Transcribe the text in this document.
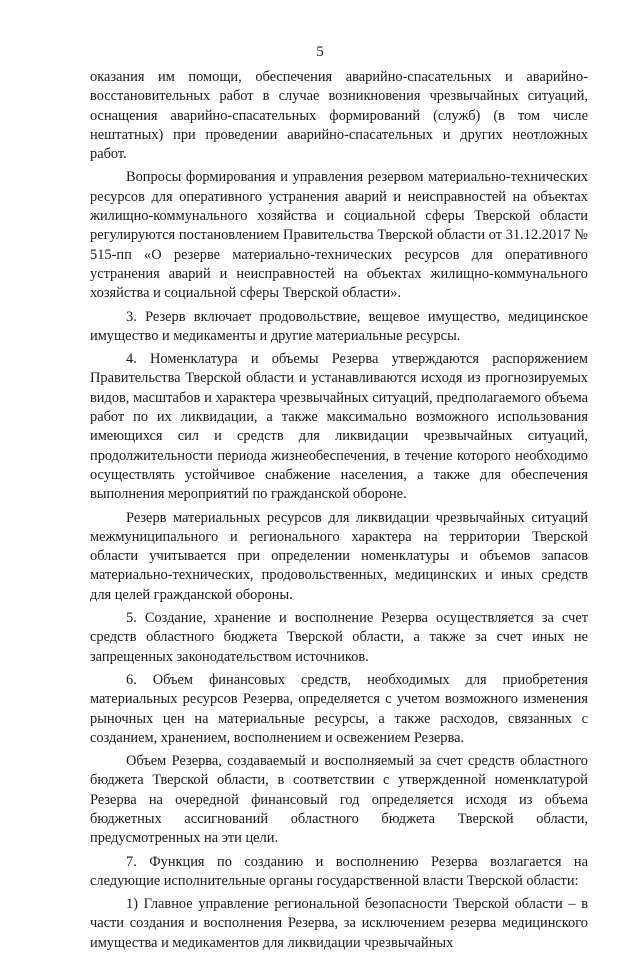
5

оказания им помощи, обеспечения аварийно-спасательных и аварийно-восстановительных работ в случае возникновения чрезвычайных ситуаций, оснащения аварийно-спасательных формирований (служб) (в том числе нештатных) при проведении аварийно-спасательных и других неотложных работ.

Вопросы формирования и управления резервом материально-технических ресурсов для оперативного устранения аварий и неисправностей на объектах жилищно-коммунального хозяйства и социальной сферы Тверской области регулируются постановлением Правительства Тверской области от 31.12.2017 № 515-пп «О резерве материально-технических ресурсов для оперативного устранения аварий и неисправностей на объектах жилищно-коммунального хозяйства и социальной сферы Тверской области».

3. Резерв включает продовольствие, вещевое имущество, медицинское имущество и медикаменты и другие материальные ресурсы.

4. Номенклатура и объемы Резерва утверждаются распоряжением Правительства Тверской области и устанавливаются исходя из прогнозируемых видов, масштабов и характера чрезвычайных ситуаций, предполагаемого объема работ по их ликвидации, а также максимально возможного использования имеющихся сил и средств для ликвидации чрезвычайных ситуаций, продолжительности периода жизнеобеспечения, в течение которого необходимо осуществлять устойчивое снабжение населения, а также для обеспечения выполнения мероприятий по гражданской обороне.

Резерв материальных ресурсов для ликвидации чрезвычайных ситуаций межмуниципального и регионального характера на территории Тверской области учитывается при определении номенклатуры и объемов запасов материально-технических, продовольственных, медицинских и иных средств для целей гражданской обороны.

5. Создание, хранение и восполнение Резерва осуществляется за счет средств областного бюджета Тверской области, а также за счет иных не запрещенных законодательством источников.

6. Объем финансовых средств, необходимых для приобретения материальных ресурсов Резерва, определяется с учетом возможного изменения рыночных цен на материальные ресурсы, а также расходов, связанных с созданием, хранением, восполнением и освежением Резерва.

Объем Резерва, создаваемый и восполняемый за счет средств областного бюджета Тверской области, в соответствии с утвержденной номенклатурой Резерва на очередной финансовый год определяется исходя из объема бюджетных ассигнований областного бюджета Тверской области, предусмотренных на эти цели.

7. Функция по созданию и восполнению Резерва возлагается на следующие исполнительные органы государственной власти Тверской области:

1) Главное управление региональной безопасности Тверской области – в части создания и восполнения Резерва, за исключением резерва медицинского имущества и медикаментов для ликвидации чрезвычайных
